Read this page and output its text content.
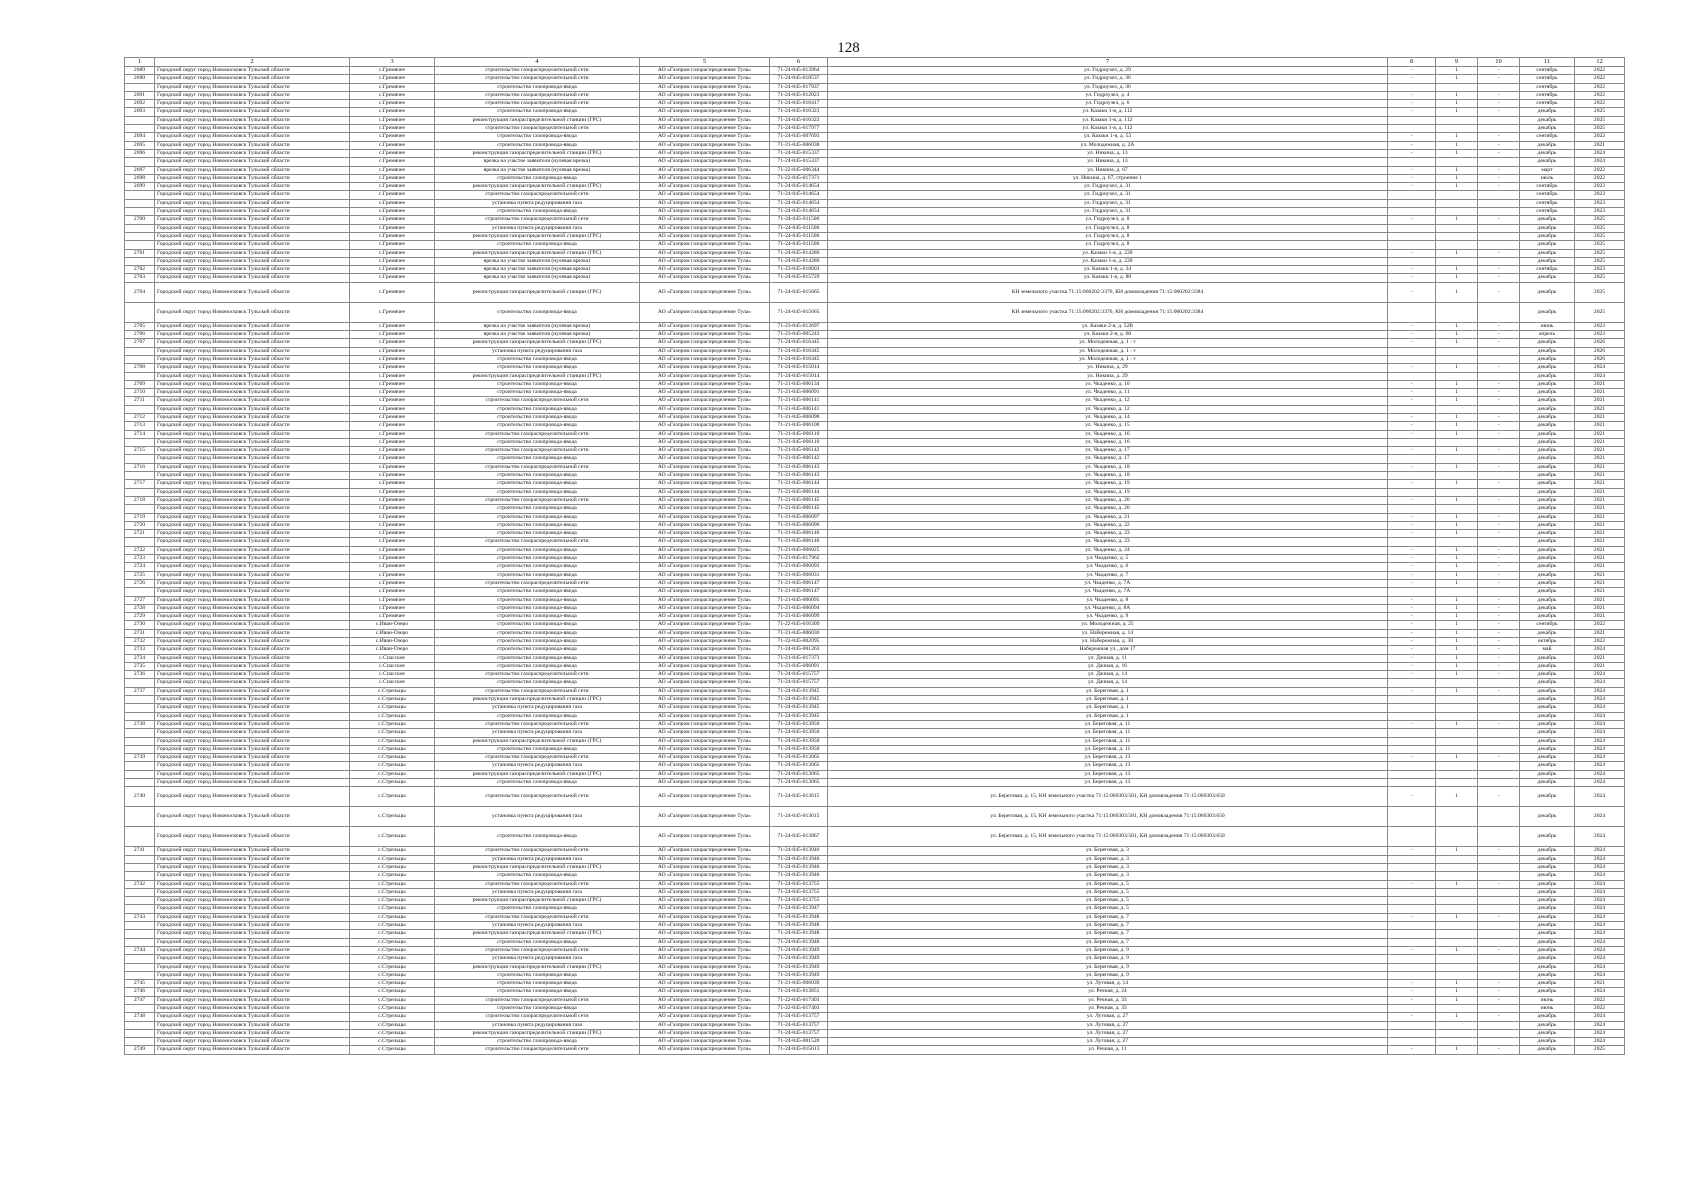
128
1	2	3	4	5	6	7	8	9	10	11	12
2689	Городской округ город Новомосковск Тульской области	с.Гремячее	строительство газораспределительной сети	АО «Газпром газораспределение Тула»	71-24-045-013964	ул. Гидроузел, д. 29	-	1	-	сентябрь	2022
2690	Городской округ город Новомосковск Тульской области	с.Гремячее	строительство газораспределительной сети	АО «Газпром газораспределение Тула»	71-24-045-018537	ул. Гидроузел, д. 36	-	1	-	сентябрь	2022
	Городской округ город Новомосковск Тульской области	с.Гремячее	строительство газопровода-ввода	АО «Газпром газораспределение Тула»	71-24-045-017937	ул. Гидроузел, д. 36				сентябрь	2022
2691	Городской округ город Новомосковск Тульской области	с.Гремячее	строительство газораспределительной сети	АО «Газпром газораспределение Тула»	71-24-045-012023	ул. Гидроузел, д. 4	-	1	-	сентябрь	2022
2692	Городской округ город Новомосковск Тульской области	с.Гремячее	строительство газораспределительной сети	АО «Газпром газораспределение Тула»	71-24-045-018417	ул. Гидроузел, д. 6	-	1	-	сентябрь	2022
2693	Городской округ город Новомосковск Тульской области	с.Гремячее	строительство газопровода-ввода	АО «Газпром газораспределение Тула»	71-24-045-016323	ул. Казаки 1-я, д. 112	-	1	-	декабрь	2025
	Городской округ город Новомосковск Тульской области	с.Гремячее	реконструкция газораспределительной станции (ГРС)	АО «Газпром газораспределение Тула»	71-24-045-016323	ул. Казаки 1-я, д. 112				декабрь	2025
	Городской округ город Новомосковск Тульской области	с.Гремячее	строительство газораспределительной сети	АО «Газпром газораспределение Тула»	71-24-045-017977	ул. Казаки 1-я, д. 112				декабрь	2025
2694	Городской округ город Новомосковск Тульской области	с.Гремячее	строительство газопровода-ввода	АО «Газпром газораспределение Тула»	71-24-045-007693	ул. Казаки 1-я, д. 53	-	1	-	сентябрь	2022
2695	Городской округ город Новомосковск Тульской области	с.Гремячее	строительство газопровода-ввода	АО «Газпром газораспределение Тула»	71-21-045-006038	ул. Молодежная, д. 2А	-	1	-	декабрь	2021
2696	Городской округ город Новомосковск Тульской области	с.Гремячее	реконструкция газораспределительной станции (ГРС)	АО «Газпром газораспределение Тула»	71-24-045-015337	ул. Никина, д. 13	-	1	-	декабрь	2024
	Городской округ город Новомосковск Тульской области	с.Гремячее	врезка на участке заявителя (нулевая врезка)	АО «Газпром газораспределение Тула»	71-24-045-015337	ул. Никина, д. 13				декабрь	2024
2697	Городской округ город Новомосковск Тульской области	с.Гремячее	врезка на участке заявителя (нулевая врезка)	АО «Газпром газораспределение Тула»	71-22-045-006344	ул. Никина, д. 67	-	1	-	март	2022
2698	Городской округ город Новомосковск Тульской области	с.Гремячее	строительство газопровода-ввода	АО «Газпром газораспределение Тула»	71-22-045-017371	ул. Никина, д. 67, строение 1	-	1	-	июль	2022
2699	Городской округ город Новомосковск Тульской области	с.Гремячее	реконструкция газораспределительной станции (ГРС)	АО «Газпром газораспределение Тула»	71-24-045-014654	ул. Гидроузел, д. 31	-	1	-	сентябрь	2023
	Городской округ город Новомосковск Тульской области	с.Гремячее	строительство газораспределительной сети	АО «Газпром газораспределение Тула»	71-24-045-014654	ул. Гидроузел, д. 31				сентябрь	2023
	Городской округ город Новомосковск Тульской области	с.Гремячее	установка пункта редуцирования газа	АО «Газпром газораспределение Тула»	71-24-045-014654	ул. Гидроузел, д. 31				сентябрь	2023
	Городской округ город Новомосковск Тульской области	с.Гремячее	строительство газопровода-ввода	АО «Газпром газораспределение Тула»	71-24-045-014654	ул. Гидроузел, д. 31				сентябрь	2023
2700	Городской округ город Новомосковск Тульской области	с.Гремячее	строительство газораспределительной сети	АО «Газпром газораспределение Тула»	71-24-045-011506	ул. Гидроузел, д. 8	-	1	-	декабрь	2025
	Городской округ город Новомосковск Тульской области	с.Гремячее	установка пункта редуцирования газа	АО «Газпром газораспределение Тула»	71-24-045-011506	ул. Гидроузел, д. 8				декабрь	2025
	Городской округ город Новомосковск Тульской области	с.Гремячее	реконструкция газораспределительной станции (ГРС)	АО «Газпром газораспределение Тула»	71-24-045-011506	ул. Гидроузел, д. 8				декабрь	2025
	Городской округ город Новомосковск Тульской области	с.Гремячее	строительство газопровода-ввода	АО «Газпром газораспределение Тула»	71-24-045-011506	ул. Гидроузел, д. 8				декабрь	2025
2701	Городской округ город Новомосковск Тульской области	с.Гремячее	реконструкция газораспределительной станции (ГРС)	АО «Газпром газораспределение Тула»	71-24-045-014280	ул. Казаки 1-я, д. 22б	-	1	-	декабрь	2025
	Городской округ город Новомосковск Тульской области	с.Гремячее	врезка на участке заявителя (нулевая врезка)	АО «Газпром газораспределение Тула»	71-24-045-014280	ул. Казаки 1-я, д. 22б				декабрь	2025
2702	Городской округ город Новомосковск Тульской области	с.Гремячее	врезка на участке заявителя (нулевая врезка)	АО «Газпром газораспределение Тула»	71-23-045-018003	ул. Казаки 1-я, д. 34	-	1	-	сентябрь	2023
2703	Городской округ город Новомосковск Тульской области	с.Гремячее	врезка на участке заявителя (нулевая врезка)	АО «Газпром газораспределение Тула»	71-24-045-015729	ул. Казаки 1-я, д. 80	-	1	-	декабрь	2025
2704	Городской округ город Новомосковск Тульской области	с.Гремячее	реконструкция газораспределительной станции (ГРС)	АО «Газпром газораспределение Тула»	71-24-045-015665	КН земельного участка 71:15:060202:3376, КН домовладения 71:15:060202:3384	-	1	-	декабрь	2025
	Городской округ город Новомосковск Тульской области	с.Гремячее	строительство газопровода-ввода	АО «Газпром газораспределение Тула»	71-24-045-015665	КН земельного участка 71:15:060202:3376, КН домовладения 71:15:060202:3384				декабрь	2025
2705	Городской округ город Новомосковск Тульской области	с.Гремячее	врезка на участке заявителя (нулевая врезка)	АО «Газпром газораспределение Тула»	71-23-045-013697	ул. Казаки 2-я, д. 52В	-	1	-	июнь	2023
2706	Городской округ город Новомосковск Тульской области	с.Гремячее	врезка на участке заявителя (нулевая врезка)	АО «Газпром газораспределение Тула»	71-23-045-005243	ул. Казаки 2-я, д. 60	-	1	-	апрель	2023
2707	Городской округ город Новомосковск Тульской области	с.Гремячее	реконструкция газораспределительной станции (ГРС)	АО «Газпром газораспределение Тула»	71-24-045-016445	ул. Молодежная, д. 1 - г	-	1	-	декабрь	2026
	Городской округ город Новомосковск Тульской области	с.Гремячее	установка пункта редуцирования газа	АО «Газпром газораспределение Тула»	71-24-045-016445	ул. Молодежная, д. 1 - г				декабрь	2026
	Городской округ город Новомосковск Тульской области	с.Гремячее	строительство газопровода-ввода	АО «Газпром газораспределение Тула»	71-24-045-016445	ул. Молодежная, д. 1 - г				декабрь	2026
2708	Городской округ город Новомосковск Тульской области	с.Гремячее	строительство газопровода-ввода	АО «Газпром газораспределение Тула»	71-24-045-015014	ул. Никина, д. 29	-	1	-	декабрь	2024
	Городской округ город Новомосковск Тульской области	с.Гремячее	реконструкция газораспределительной станции (ГРС)	АО «Газпром газораспределение Тула»	71-24-045-015014	ул. Никина, д. 29				декабрь	2024
2709	Городской округ город Новомосковск Тульской области	с.Гремячее	строительство газопровода-ввода	АО «Газпром газораспределение Тула»	71-21-045-006134	ул. Чкаденко, д. 10	-	1	-	декабрь	2021
2710	Городской округ город Новомосковск Тульской области	с.Гремячее	строительство газопровода-ввода	АО «Газпром газораспределение Тула»	71-21-045-006091	ул. Чкаденко, д. 11	-	1	-	декабрь	2021
2711	Городской округ город Новомосковск Тульской области	с.Гремячее	строительство газораспределительной сети	АО «Газпром газораспределение Тула»	71-21-045-006141	ул. Чкаденко, д. 12	-	1	-	декабрь	2021
	Городской округ город Новомосковск Тульской области	с.Гремячее	строительство газопровода-ввода	АО «Газпром газораспределение Тула»	71-21-045-006141	ул. Чкаденко, д. 12				декабрь	2021
2712	Городской округ город Новомосковск Тульской области	с.Гремячее	строительство газопровода-ввода	АО «Газпром газораспределение Тула»	71-21-045-006098	ул. Чкаденко, д. 14	-	1	-	декабрь	2021
2713	Городской округ город Новомосковск Тульской области	с.Гремячее	строительство газопровода-ввода	АО «Газпром газораспределение Тула»	71-21-045-006100	ул. Чкаденко, д. 15	-	1	-	декабрь	2021
2714	Городской округ город Новомосковск Тульской области	с.Гремячее	строительство газораспределительной сети	АО «Газпром газораспределение Тула»	71-21-045-006110	ул. Чкаденко, д. 16	-	1	-	декабрь	2021
	Городской округ город Новомосковск Тульской области	с.Гремячее	строительство газопровода-ввода	АО «Газпром газораспределение Тула»	71-21-045-006110	ул. Чкаденко, д. 16				декабрь	2021
2715	Городской округ город Новомосковск Тульской области	с.Гремячее	строительство газораспределительной сети	АО «Газпром газораспределение Тула»	71-21-045-006142	ул. Чкаденко, д. 17	-	1	-	декабрь	2021
	Городской округ город Новомосковск Тульской области	с.Гремячее	строительство газопровода-ввода	АО «Газпром газораспределение Тула»	71-21-045-006142	ул. Чкаденко, д. 17				декабрь	2021
2716	Городской округ город Новомосковск Тульской области	с.Гремячее	строительство газораспределительной сети	АО «Газпром газораспределение Тула»	71-21-045-006143	ул. Чкаденко, д. 18	-	1	-	декабрь	2021
	Городской округ город Новомосковск Тульской области	с.Гремячее	строительство газопровода-ввода	АО «Газпром газораспределение Тула»	71-21-045-006143	ул. Чкаденко, д. 18				декабрь	2021
2717	Городской округ город Новомосковск Тульской области	с.Гремячее	строительство газопровода-ввода	АО «Газпром газораспределение Тула»	71-21-045-006144	ул. Чкаденко, д. 19	-	1	-	декабрь	2021
	Городской округ город Новомосковск Тульской области	с.Гремячее	строительство газопровода-ввода	АО «Газпром газораспределение Тула»	71-21-045-006144	ул. Чкаденко, д. 19				декабрь	2021
2718	Городской округ город Новомосковск Тульской области	с.Гремячее	строительство газораспределительной сети	АО «Газпром газораспределение Тула»	71-21-045-006145	ул. Чкаденко, д. 20	-	1	-	декабрь	2021
	Городской округ город Новомосковск Тульской области	с.Гремячее	строительство газопровода-ввода	АО «Газпром газораспределение Тула»	71-21-045-006145	ул. Чкаденко, д. 20				декабрь	2021
2719	Городской округ город Новомосковск Тульской области	с.Гремячее	строительство газопровода-ввода	АО «Газпром газораспределение Тула»	71-21-045-006097	ул. Чкаденко, д. 21	-	1	-	декабрь	2021
2720	Городской округ город Новомосковск Тульской области	с.Гремячее	строительство газопровода-ввода	АО «Газпром газораспределение Тула»	71-21-045-006096	ул. Чкаденко, д. 22	-	1	-	декабрь	2021
2721	Городской округ город Новомосковск Тульской области	с.Гремячее	строительство газопровода-ввода	АО «Газпром газораспределение Тула»	71-21-045-006146	ул. Чкаденко, д. 23	-	1	-	декабрь	2021
	Городской округ город Новомосковск Тульской области	с.Гремячее	строительство газораспределительной сети	АО «Газпром газораспределение Тула»	71-21-045-006146	ул. Чкаденко, д. 23				декабрь	2021
2722	Городской округ город Новомосковск Тульской области	с.Гремячее	строительство газопровода-ввода	АО «Газпром газораспределение Тула»	71-21-045-006025	ул. Чкаденко, д. 24	-	1	-	декабрь	2021
2723	Городской округ город Новомосковск Тульской области	с.Гремячее	строительство газопровода-ввода	АО «Газпром газораспределение Тула»	71-21-045-017962	ул. Чкаденко, д. 5	-	1	-	декабрь	2021
2724	Городской округ город Новомосковск Тульской области	с.Гремячее	строительство газопровода-ввода	АО «Газпром газораспределение Тула»	71-21-045-006093	ул. Чкаденко, д. 6	-	1	-	декабрь	2021
2725	Городской округ город Новомосковск Тульской области	с.Гремячее	строительство газопровода-ввода	АО «Газпром газораспределение Тула»	71-21-045-006031	ул. Чкаденко, д. 7	-	1	-	декабрь	2021
2726	Городской округ город Новомосковск Тульской области	с.Гремячее	строительство газораспределительной сети	АО «Газпром газораспределение Тула»	71-21-045-006147	ул. Чкаденко, д. 7А	-	1	-	декабрь	2021
	Городской округ город Новомосковск Тульской области	с.Гремячее	строительство газопровода-ввода	АО «Газпром газораспределение Тула»	71-21-045-006147	ул. Чкаденко, д. 7А				декабрь	2021
2727	Городской округ город Новомосковск Тульской области	с.Гремячее	строительство газопровода-ввода	АО «Газпром газораспределение Тула»	71-21-045-006095	ул. Чкаденко, д. 8	-	1	-	декабрь	2021
2728	Городской округ город Новомосковск Тульской области	с.Гремячее	строительство газопровода-ввода	АО «Газпром газораспределение Тула»	71-21-045-006094	ул. Чкаденко, д. 8А	-	1	-	декабрь	2021
2729	Городской округ город Новомосковск Тульской области	с.Гремячее	строительство газопровода-ввода	АО «Газпром газораспределение Тула»	71-21-045-006099	ул. Чкаденко, д. 9	-	1	-	декабрь	2021
2730	Городской округ город Новомосковск Тульской области	с.Иван-Озеро	строительство газопровода-ввода	АО «Газпром газораспределение Тула»	71-22-045-016309	ул. Молодежная, д. 25	-	1	-	сентябрь	2022
2731	Городской округ город Новомосковск Тульской области	с.Иван-Озеро	строительство газопровода-ввода	АО «Газпром газораспределение Тула»	71-21-045-006030	ул. Набережная, д. 14	-	1	-	декабрь	2021
2732	Городской округ город Новомосковск Тульской области	с.Иван-Озеро	строительство газопровода-ввода	АО «Газпром газораспределение Тула»	71-22-045-002095	ул. Набережная, д. 38	-	1	-	октябрь	2022
2733	Городской округ город Новомосковск Тульской области	с.Иван-Озеро	строительство газопровода-ввода	АО «Газпром газораспределение Тула»	71-24-045-001263	Набережная ул., дом 17	-	1	-	май	2024
2734	Городской округ город Новомосковск Тульской области	с.Спасское	строительство газопровода-ввода	АО «Газпром газораспределение Тула»	71-21-045-017373	ул. Дачная, д. 11	-	1	-	декабрь	2021
2735	Городской округ город Новомосковск Тульской области	с.Спасское	строительство газопровода-ввода	АО «Газпром газораспределение Тула»	71-21-045-006091	ул. Дачная, д. 16	-	1	-	декабрь	2021
2736	Городской округ город Новомосковск Тульской области	с.Спасское	строительство газораспределительной сети	АО «Газпром газораспределение Тула»	71-24-045-015757	ул. Дачная, д. 14	-	1	-	декабрь	2024
	Городской округ город Новомосковск Тульской области	с.Спасское	строительство газопровода-ввода	АО «Газпром газораспределение Тула»	71-24-045-015757	ул. Дачная, д. 14				декабрь	2024
2737	Городской округ город Новомосковск Тульской области	с.Стрельцы	строительство газораспределительной сети	АО «Газпром газораспределение Тула»	71-24-045-013945	ул. Береговая, д. 1	-	1	-	декабрь	2024
	Городской округ город Новомосковск Тульской области	с.Стрельцы	реконструкция газораспределительной станции (ГРС)	АО «Газпром газораспределение Тула»	71-24-045-013945	ул. Береговая, д. 1				декабрь	2024
	Городской округ город Новомосковск Тульской области	с.Стрельцы	установка пункта редуцирования газа	АО «Газпром газораспределение Тула»	71-24-045-013945	ул. Береговая, д. 1				декабрь	2024
	Городской округ город Новомосковск Тульской области	с.Стрельцы	строительство газопровода-ввода	АО «Газпром газораспределение Тула»	71-24-045-013945	ул. Береговая, д. 1				декабрь	2024
2738	Городской округ город Новомосковск Тульской области	с.Стрельцы	строительство газораспределительной сети	АО «Газпром газораспределение Тула»	71-24-045-013950	ул. Береговая, д. 11	-	1	-	декабрь	2024
	Городской округ город Новомосковск Тульской области	с.Стрельцы	установка пункта редуцирования газа	АО «Газпром газораспределение Тула»	71-24-045-013950	ул. Береговая, д. 11				декабрь	2024
	Городской округ город Новомосковск Тульской области	с.Стрельцы	реконструкция газораспределительной станции (ГРС)	АО «Газпром газораспределение Тула»	71-24-045-013950	ул. Береговая, д. 11				декабрь	2024
	Городской округ город Новомосковск Тульской области	с.Стрельцы	строительство газопровода-ввода	АО «Газпром газораспределение Тула»	71-24-045-013950	ул. Береговая, д. 11				декабрь	2024
2739	Городской округ город Новомосковск Тульской области	с.Стрельцы	строительство газораспределительной сети	АО «Газпром газораспределение Тула»	71-24-045-013065	ул. Береговая, д. 13	-	1	-	декабрь	2024
	Городской округ город Новомосковск Тульской области	с.Стрельцы	установка пункта редуцирования газа	АО «Газпром газораспределение Тула»	71-24-045-013065	ул. Береговая, д. 13				декабрь	2024
	Городской округ город Новомосковск Тульской области	с.Стрельцы	реконструкция газораспределительной станции (ГРС)	АО «Газпром газораспределение Тула»	71-24-045-013065	ул. Береговая, д. 13				декабрь	2024
	Городской округ город Новомосковск Тульской области	с.Стрельцы	строительство газопровода-ввода	АО «Газпром газораспределение Тула»	71-24-045-013065	ул. Береговая, д. 13				декабрь	2024
2740	Городской округ город Новомосковск Тульской области	с.Стрельцы	строительство газораспределительной сети	АО «Газпром газораспределение Тула»	71-24-045-013615	ул. Береговая, д. 15, КН земельного участка 71:15:060303:581, КН домовладения 71:15:060303:650	-	1	-	декабрь	2024
	Городской округ город Новомосковск Тульской области	с.Стрельцы	установка пункта редуцирования газа	АО «Газпром газораспределение Тула»	71-24-045-013615	ул. Береговая, д. 15, КН земельного участка 71:15:060303:581, КН домовладения 71:15:060303:650				декабрь	2024
	Городской округ город Новомосковск Тульской области	с.Стрельцы	строительство газопровода-ввода	АО «Газпром газораспределение Тула»	71-24-045-013867	ул. Береговая, д. 15, КН земельного участка 71:15:060303:581, КН домовладения 71:15:060303:650				декабрь	2024
2741	Городской округ город Новомосковск Тульской области	с.Стрельцы	строительство газораспределительной сети	АО «Газпром газораспределение Тула»	71-24-045-013946	ул. Береговая, д. 3	-	1	-	декабрь	2024
	Городской округ город Новомосковск Тульской области	с.Стрельцы	установка пункта редуцирования газа	АО «Газпром газораспределение Тула»	71-24-045-013946	ул. Береговая, д. 3				декабрь	2024
	Городской округ город Новомосковск Тульской области	с.Стрельцы	реконструкция газораспределительной станции (ГРС)	АО «Газпром газораспределение Тула»	71-24-045-013946	ул. Береговая, д. 3				декабрь	2024
	Городской округ город Новомосковск Тульской области	с.Стрельцы	строительство газопровода-ввода	АО «Газпром газораспределение Тула»	71-24-045-013946	ул. Береговая, д. 3				декабрь	2024
2742	Городской округ город Новомосковск Тульской области	с.Стрельцы	строительство газораспределительной сети	АО «Газпром газораспределение Тула»	71-24-045-013755	ул. Береговая, д. 5	-	1	-	декабрь	2024
	Городской округ город Новомосковск Тульской области	с.Стрельцы	установка пункта редуцирования газа	АО «Газпром газораспределение Тула»	71-24-045-013755	ул. Береговая, д. 5				декабрь	2024
	Городской округ город Новомосковск Тульской области	с.Стрельцы	реконструкция газораспределительной станции (ГРС)	АО «Газпром газораспределение Тула»	71-24-045-013755	ул. Береговая, д. 5				декабрь	2024
	Городской округ город Новомосковск Тульской области	с.Стрельцы	строительство газопровода-ввода	АО «Газпром газораспределение Тула»	71-24-045-013947	ул. Береговая, д. 5				декабрь	2024
2743	Городской округ город Новомосковск Тульской области	с.Стрельцы	строительство газораспределительной сети	АО «Газпром газораспределение Тула»	71-24-045-013948	ул. Береговая, д. 7	-	1	-	декабрь	2024
	Городской округ город Новомосковск Тульской области	с.Стрельцы	установка пункта редуцирования газа	АО «Газпром газораспределение Тула»	71-24-045-013948	ул. Береговая, д. 7				декабрь	2024
	Городской округ город Новомосковск Тульской области	с.Стрельцы	реконструкция газораспределительной станции (ГРС)	АО «Газпром газораспределение Тула»	71-24-045-013948	ул. Береговая, д. 7				декабрь	2024
	Городской округ город Новомосковск Тульской области	с.Стрельцы	строительство газопровода-ввода	АО «Газпром газораспределение Тула»	71-24-045-013948	ул. Береговая, д. 7				декабрь	2024
2744	Городской округ город Новомосковск Тульской области	с.Стрельцы	строительство газораспределительной сети	АО «Газпром газораспределение Тула»	71-24-045-013949	ул. Береговая, д. 9	-	1	-	декабрь	2024
	Городской округ город Новомосковск Тульской области	с.Стрельцы	установка пункта редуцирования газа	АО «Газпром газораспределение Тула»	71-24-045-013949	ул. Береговая, д. 9				декабрь	2024
	Городской округ город Новомосковск Тульской области	с.Стрельцы	реконструкция газораспределительной станции (ГРС)	АО «Газпром газораспределение Тула»	71-24-045-013949	ул. Береговая, д. 9				декабрь	2024
	Городской округ город Новомосковск Тульской области	с.Стрельцы	строительство газопровода-ввода	АО «Газпром газораспределение Тула»	71-24-045-013949	ул. Береговая, д. 9				декабрь	2024
2745	Городской округ город Новомосковск Тульской области	с.Стрельцы	строительство газопровода-ввода	АО «Газпром газораспределение Тула»	71-21-045-006039	ул. Луговая, д. 14	-	1	-	декабрь	2021
2746	Городской округ город Новомосковск Тульской области	с.Стрельцы	строительство газопровода-ввода	АО «Газпром газораспределение Тула»	71-24-045-013851	ул. Речная, д. 24	-	1	-	декабрь	2024
2747	Городской округ город Новомосковск Тульской области	с.Стрельцы	строительство газораспределительной сети	АО «Газпром газораспределение Тула»	71-22-045-017403	ул. Речная, д. 33	-	1	-	июнь	2022
	Городской округ город Новомосковск Тульской области	с.Стрельцы	строительство газопровода-ввода	АО «Газпром газораспределение Тула»	71-22-045-017403	ул. Речная, д. 33				июнь	2022
2748	Городской округ город Новомосковск Тульской области	с.Стрельцы	строительство газораспределительной сети	АО «Газпром газораспределение Тула»	71-24-045-013757	ул. Луговая, д. 27	-	1	-	декабрь	2024
	Городской округ город Новомосковск Тульской области	с.Стрельцы	установка пункта редуцирования газа	АО «Газпром газораспределение Тула»	71-24-045-013757	ул. Луговая, д. 27				декабрь	2024
	Городской округ город Новомосковск Тульской области	с.Стрельцы	реконструкция газораспределительной станции (ГРС)	АО «Газпром газораспределение Тула»	71-24-045-013757	ул. Луговая, д. 27				декабрь	2024
	Городской округ город Новомосковск Тульской области	с.Стрельцы	строительство газопровода-ввода	АО «Газпром газораспределение Тула»	71-24-045-001520	ул. Луговая, д. 27				декабрь	2024
2749	Городской округ город Новомосковск Тульской области	с.Стрельцы	строительство газораспределительной сети	АО «Газпром газораспределение Тула»	71-24-045-015613	ул. Речная, д. 11	-	1	-	декабрь	2025
